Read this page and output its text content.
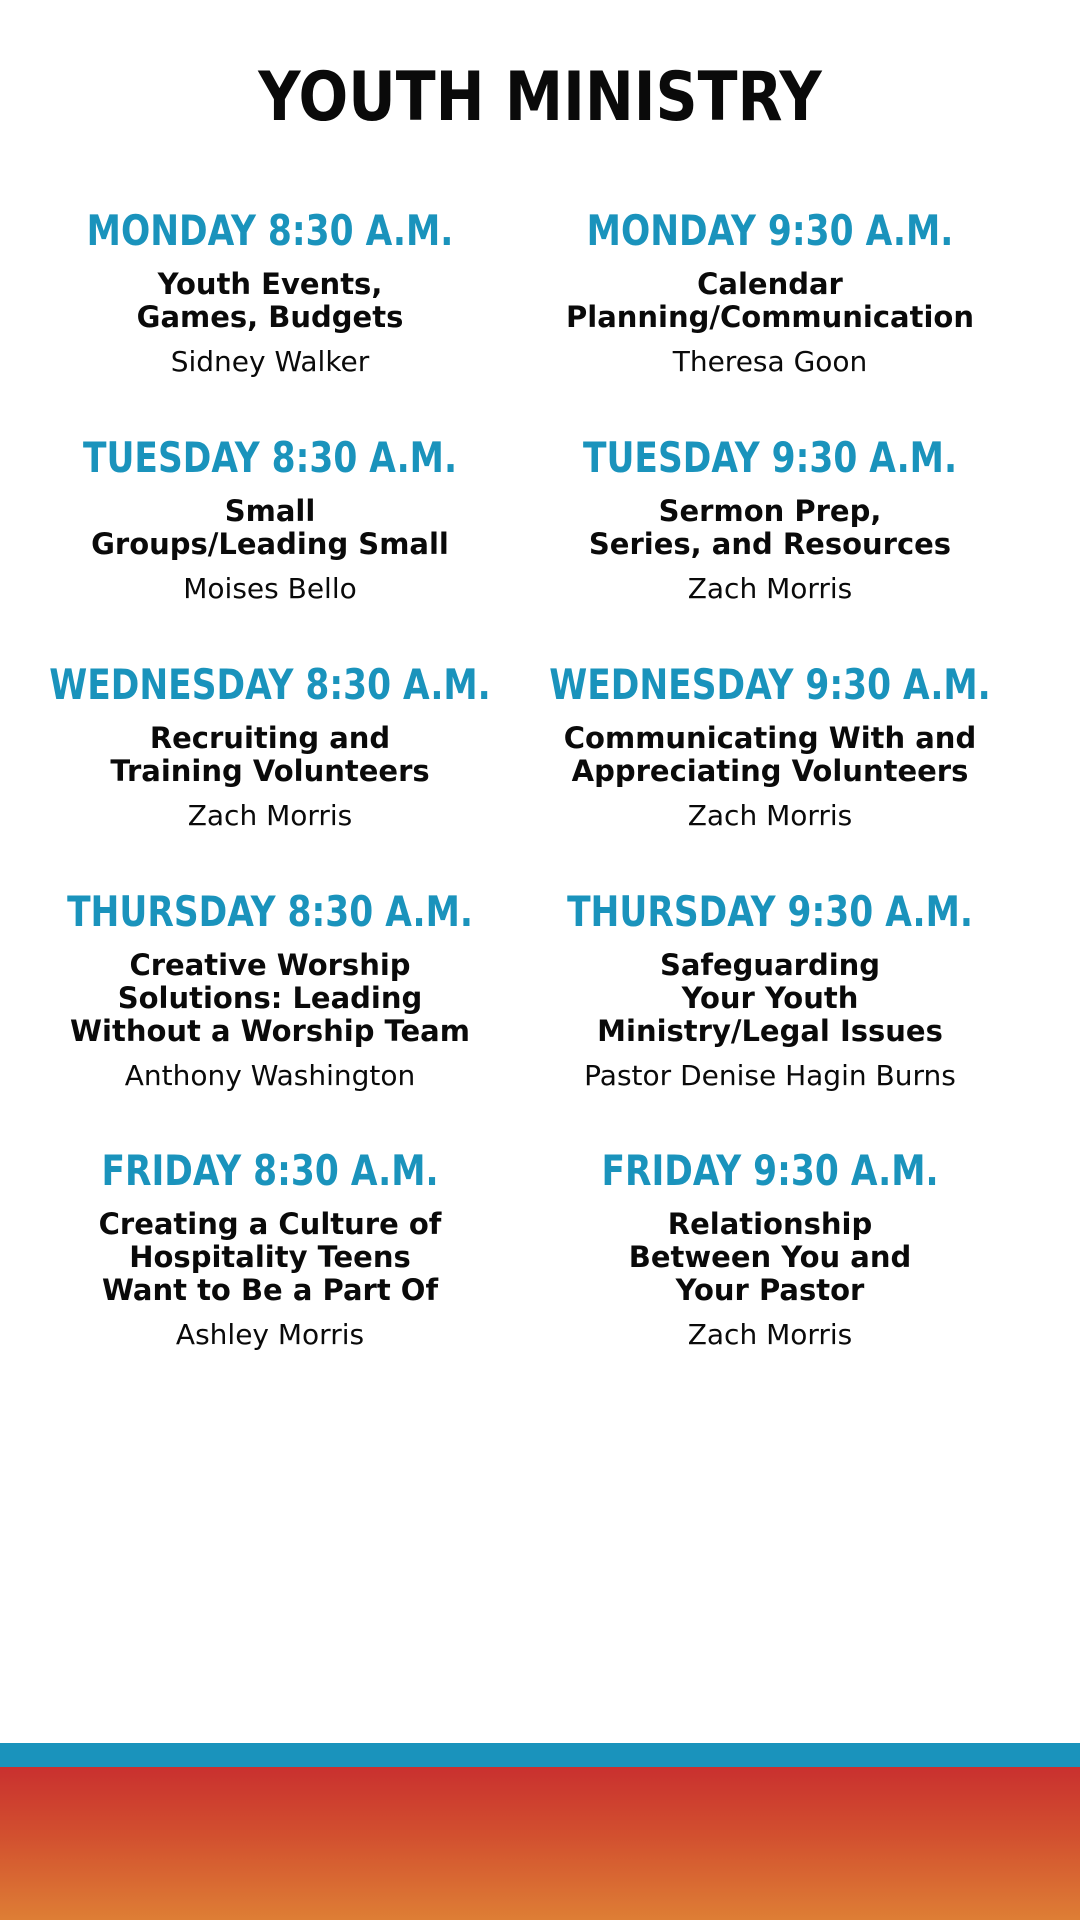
YOUTH MINISTRY
MONDAY 8:30 A.M.
Youth Events,
Games, Budgets
Sidney Walker
MONDAY 9:30 A.M.
Calendar
Planning/Communication
Theresa Goon
TUESDAY 8:30 A.M.
Small
Groups/Leading Small
Moises Bello
TUESDAY 9:30 A.M.
Sermon Prep,
Series, and Resources
Zach Morris
WEDNESDAY 8:30 A.M.
Recruiting and
Training Volunteers
Zach Morris
WEDNESDAY 9:30 A.M.
Communicating With and
Appreciating Volunteers
Zach Morris
THURSDAY 8:30 A.M.
Creative Worship
Solutions: Leading
Without a Worship Team
Anthony Washington
THURSDAY 9:30 A.M.
Safeguarding
Your Youth
Ministry/Legal Issues
Pastor Denise Hagin Burns
FRIDAY 8:30 A.M.
Creating a Culture of
Hospitality Teens
Want to Be a Part Of
Ashley Morris
FRIDAY 9:30 A.M.
Relationship
Between You and
Your Pastor
Zach Morris
